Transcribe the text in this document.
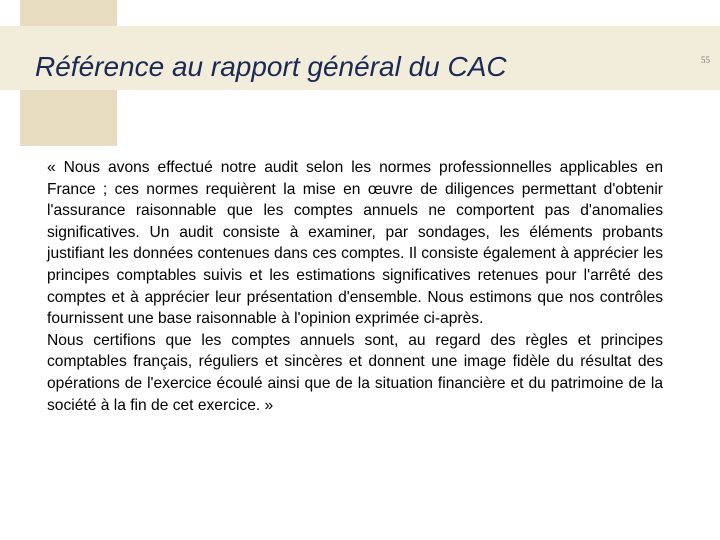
Référence au rapport général du CAC	55

« Nous avons effectué notre audit selon les normes professionnelles applicables en France ; ces normes requièrent la mise en œuvre de diligences permettant d'obtenir l'assurance raisonnable que les comptes annuels ne comportent pas d'anomalies significatives. Un audit consiste à examiner, par sondages, les éléments probants justifiant les données contenues dans ces comptes. Il consiste également à apprécier les principes comptables suivis et les estimations significatives retenues pour l'arrêté des comptes et à apprécier leur présentation d'ensemble. Nous estimons que nos contrôles fournissent une base raisonnable à l'opinion exprimée ci-après.

Nous certifions que les comptes annuels sont, au regard des règles et principes comptables français, réguliers et sincères et donnent une image fidèle du résultat des opérations de l'exercice écoulé ainsi que de la situation financière et du patrimoine de la société à la fin de cet exercice. »
